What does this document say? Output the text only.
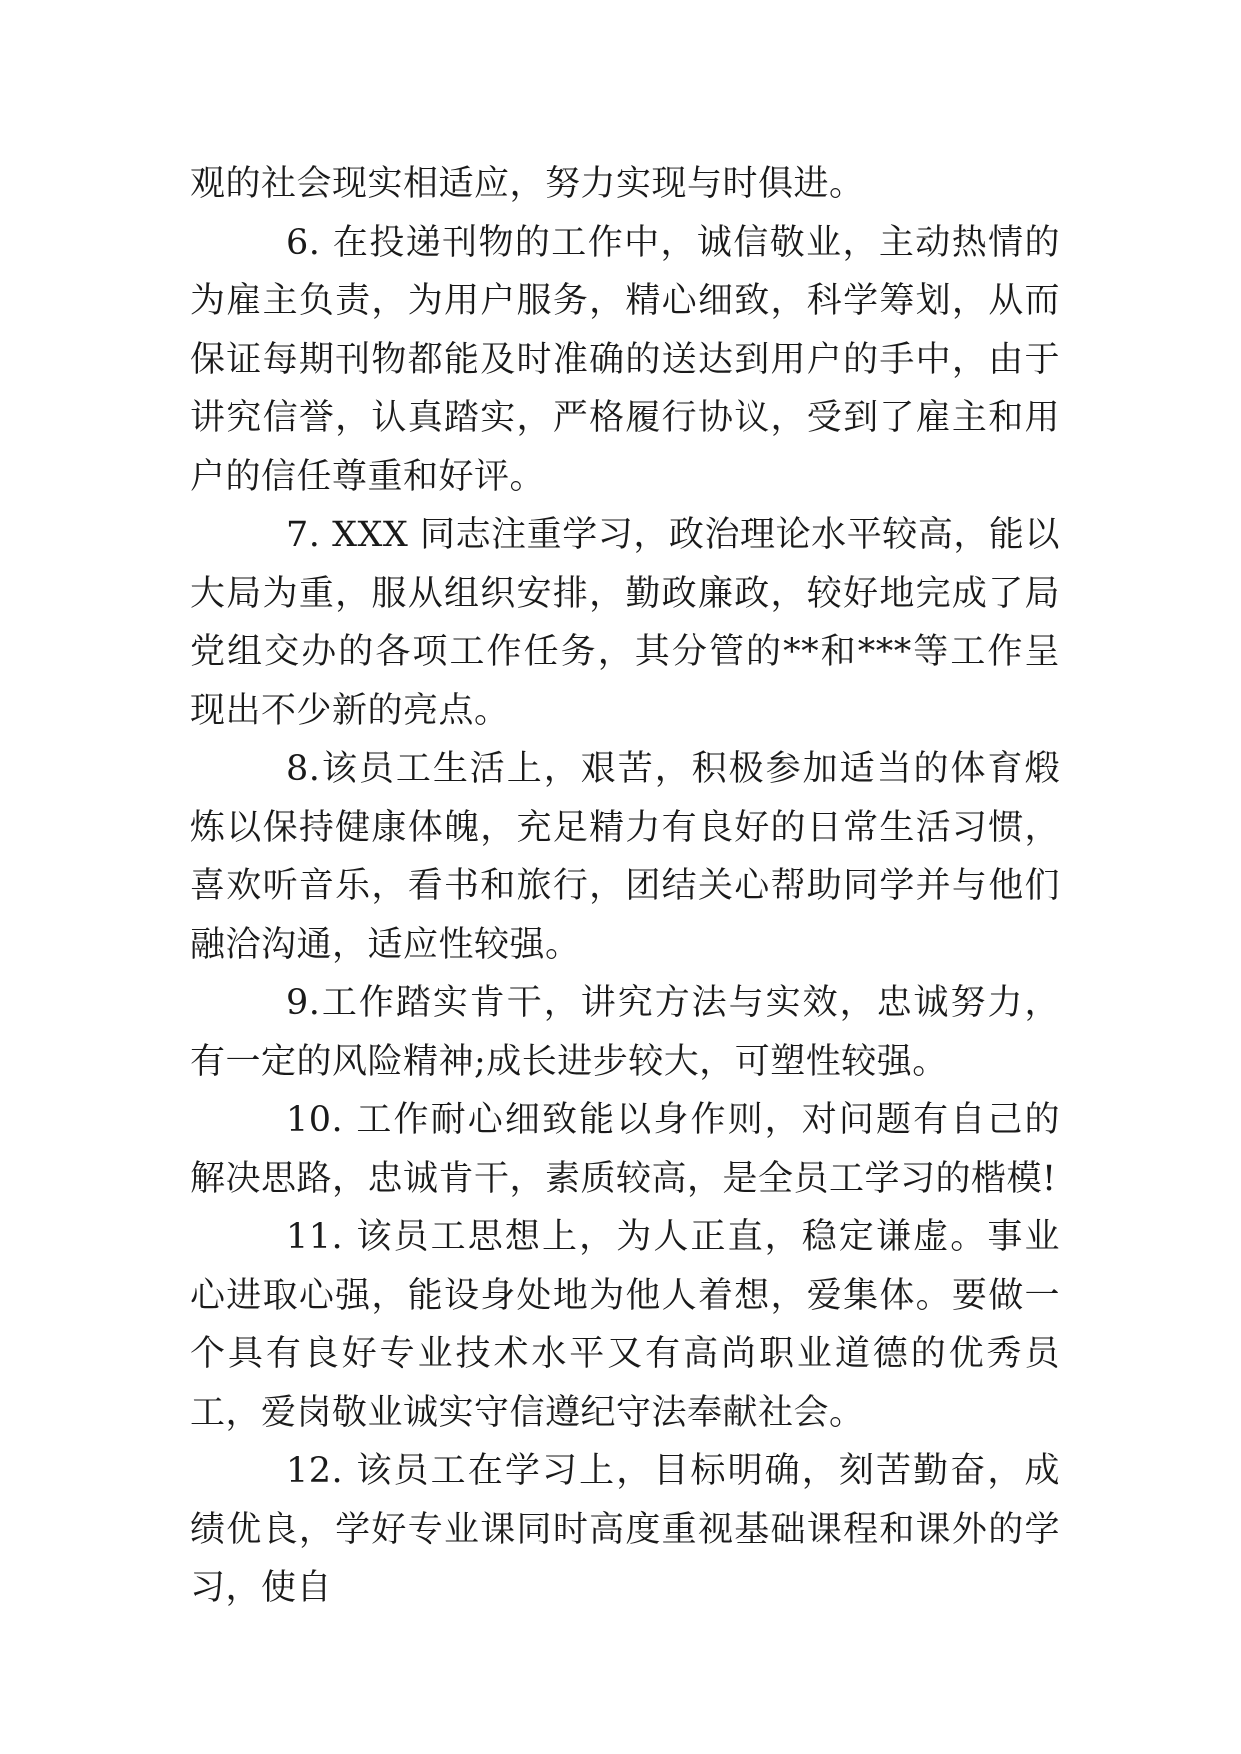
观的社会现实相适应，努力实现与时俱进。

6. 在投递刊物的工作中，诚信敬业，主动热情的为雇主负责，为用户服务，精心细致，科学筹划，从而保证每期刊物都能及时准确的送达到用户的手中，由于讲究信誉，认真踏实，严格履行协议，受到了雇主和用户的信任尊重和好评。

7. XXX 同志注重学习，政治理论水平较高，能以大局为重，服从组织安排，勤政廉政，较好地完成了局党组交办的各项工作任务，其分管的**和***等工作呈现出不少新的亮点。

8.该员工生活上，艰苦，积极参加适当的体育煅炼以保持健康体魄，充足精力有良好的日常生活习惯，喜欢听音乐，看书和旅行，团结关心帮助同学并与他们融洽沟通，适应性较强。

9.工作踏实肯干，讲究方法与实效，忠诚努力，有一定的风险精神;成长进步较大，可塑性较强。

10. 工作耐心细致能以身作则，对问题有自己的解决思路，忠诚肯干，素质较高，是全员工学习的楷模!

11. 该员工思想上，为人正直，稳定谦虚。事业心进取心强，能设身处地为他人着想，爱集体。要做一个具有良好专业技术水平又有高尚职业道德的优秀员工，爱岗敬业诚实守信遵纪守法奉献社会。

12. 该员工在学习上，目标明确，刻苦勤奋，成绩优良，学好专业课同时高度重视基础课程和课外的学习，使自
